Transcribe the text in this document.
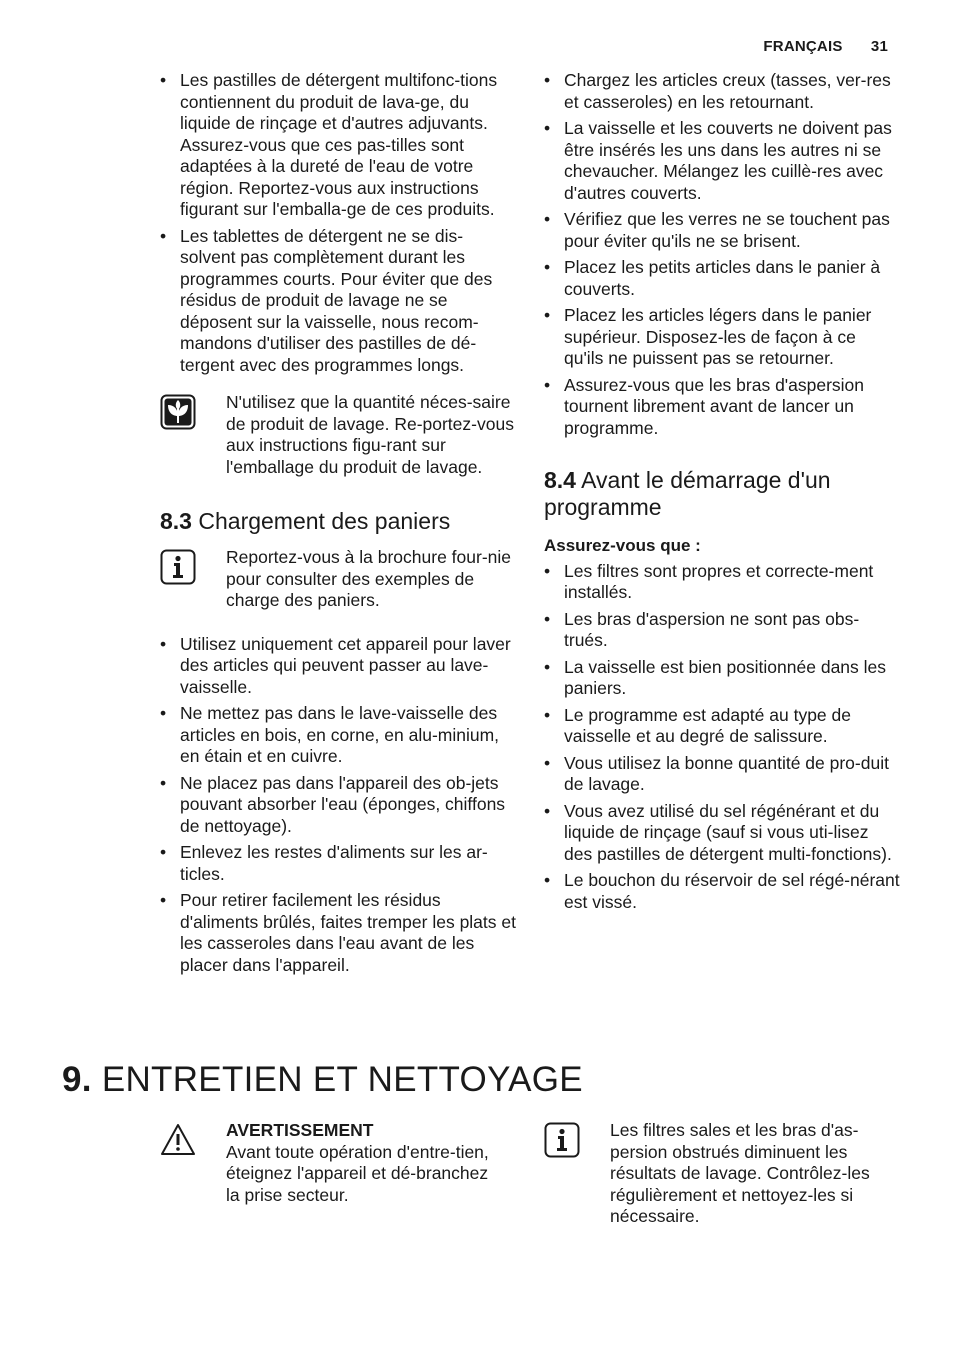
FRANÇAIS 31
• Les pastilles de détergent multifonc-tions contiennent du produit de lava-ge, du liquide de rinçage et d'autres adjuvants. Assurez-vous que ces pas-tilles sont adaptées à la dureté de l'eau de votre région. Reportez-vous aux instructions figurant sur l'emballa-ge de ces produits.
• Les tablettes de détergent ne se dis-solvent pas complètement durant les programmes courts. Pour éviter que des résidus de produit de lavage ne se déposent sur la vaisselle, nous recom-mandons d'utiliser des pastilles de dé-tergent avec des programmes longs.
N'utilisez que la quantité néces-saire de produit de lavage. Re-portez-vous aux instructions figu-rant sur l'emballage du produit de lavage.
8.3 Chargement des paniers
Reportez-vous à la brochure four-nie pour consulter des exemples de charge des paniers.
• Utilisez uniquement cet appareil pour laver des articles qui peuvent passer au lave-vaisselle.
• Ne mettez pas dans le lave-vaisselle des articles en bois, en corne, en alu-minium, en étain et en cuivre.
• Ne placez pas dans l'appareil des ob-jets pouvant absorber l'eau (éponges, chiffons de nettoyage).
• Enlevez les restes d'aliments sur les ar-ticles.
• Pour retirer facilement les résidus d'aliments brûlés, faites tremper les plats et les casseroles dans l'eau avant de les placer dans l'appareil.
• Chargez les articles creux (tasses, ver-res et casseroles) en les retournant.
• La vaisselle et les couverts ne doivent pas être insérés les uns dans les autres ni se chevaucher. Mélangez les cuillè-res avec d'autres couverts.
• Vérifiez que les verres ne se touchent pas pour éviter qu'ils ne se brisent.
• Placez les petits articles dans le panier à couverts.
• Placez les articles légers dans le panier supérieur. Disposez-les de façon à ce qu'ils ne puissent pas se retourner.
• Assurez-vous que les bras d'aspersion tournent librement avant de lancer un programme.
8.4 Avant le démarrage d'un programme

Assurez-vous que :

• Les filtres sont propres et correcte-ment installés.
• Les bras d'aspersion ne sont pas obs-trués.
• La vaisselle est bien positionnée dans les paniers.
• Le programme est adapté au type de vaisselle et au degré de salissure.
• Vous utilisez la bonne quantité de pro-duit de lavage.
• Vous avez utilisé du sel régénérant et du liquide de rinçage (sauf si vous uti-lisez des pastilles de détergent multi-fonctions).
• Le bouchon du réservoir de sel régé-nérant est vissé.
9. ENTRETIEN ET NETTOYAGE
AVERTISSEMENT
Avant toute opération d'entre-tien, éteignez l'appareil et dé-branchez la prise secteur.
Les filtres sales et les bras d'as-persion obstrués diminuent les résultats de lavage. Contrôlez-les régulièrement et nettoyez-les si nécessaire.
